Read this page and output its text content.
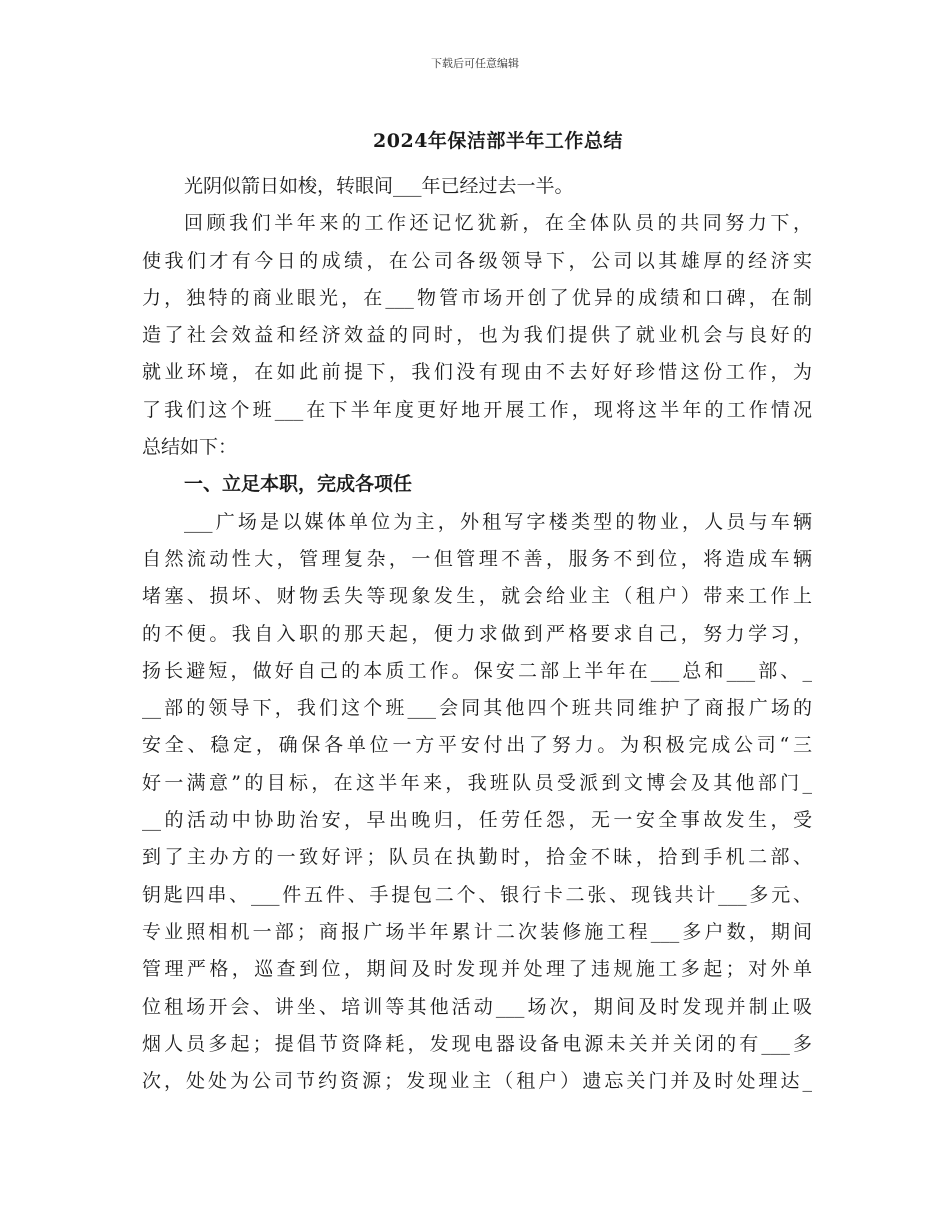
下载后可任意编辑
2024年保洁部半年工作总结
光阴似箭日如梭，转眼间___年已经过去一半。
回顾我们半年来的工作还记忆犹新，在全体队员的共同努力下，
使我们才有今日的成绩，在公司各级领导下，公司以其雄厚的经济实
力，独特的商业眼光，在___物管市场开创了优异的成绩和口碑，在制
造了社会效益和经济效益的同时，也为我们提供了就业机会与良好的
就业环境，在如此前提下，我们没有现由不去好好珍惜这份工作，为
了我们这个班___在下半年度更好地开展工作，现将这半年的工作情况
总结如下：
一、立足本职，完成各项任
___广场是以媒体单位为主，外租写字楼类型的物业，人员与车辆
自然流动性大，管理复杂，一但管理不善，服务不到位，将造成车辆
堵塞、损坏、财物丢失等现象发生，就会给业主（租户）带来工作上
的不便。我自入职的那天起，便力求做到严格要求自己，努力学习，
扬长避短，做好自己的本质工作。保安二部上半年在___总和___部、_
__部的领导下，我们这个班___会同其他四个班共同维护了商报广场的
安全、稳定，确保各单位一方平安付出了努力。为积极完成公司“三
好一满意”的目标，在这半年来，我班队员受派到文博会及其他部门_
__的活动中协助治安，早出晚归，任劳任怨，无一安全事故发生，受
到了主办方的一致好评；队员在执勤时，拾金不昧，拾到手机二部、
钥匙四串、___件五件、手提包二个、银行卡二张、现钱共计___多元、
专业照相机一部；商报广场半年累计二次装修施工程___多户数，期间
管理严格，巡查到位，期间及时发现并处理了违规施工多起；对外单
位租场开会、讲坐、培训等其他活动___场次，期间及时发现并制止吸
烟人员多起；提倡节资降耗，发现电器设备电源未关并关闭的有___多
次，处处为公司节约资源；发现业主（租户）遗忘关门并及时处理达_
